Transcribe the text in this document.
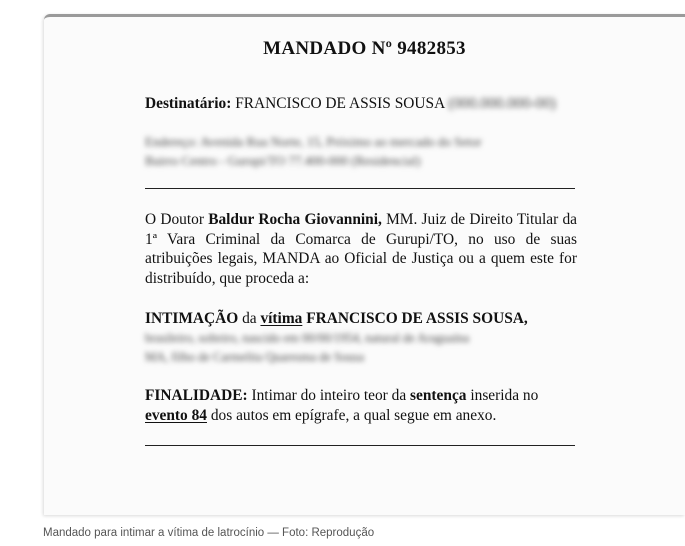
MANDADO Nº 9482853
Destinatário: FRANCISCO DE ASSIS SOUSA (000.000.000-00)
Endereço: Avenida Rua Norte, 15, Próximo ao mercado do Setor
Bairro Centro - Gurupi/TO 77.400-000 (Residencial)
O Doutor Baldur Rocha Giovannini, MM. Juiz de Direito Titular da 1ª Vara Criminal da Comarca de Gurupi/TO, no uso de suas atribuições legais, MANDA ao Oficial de Justiça ou a quem este for distribuído, que proceda a:
INTIMAÇÃO da vítima FRANCISCO DE ASSIS SOUSA,
brasileiro, solteiro, nascido em 00/00/1954, natural de Araguaína
MA, filho de Carmelita Quaresma de Sousa
FINALIDADE: Intimar do inteiro teor da sentença inserida no
evento 84 dos autos em epígrafe, a qual segue em anexo.
Mandado para intimar a vítima de latrocínio — Foto: Reprodução
